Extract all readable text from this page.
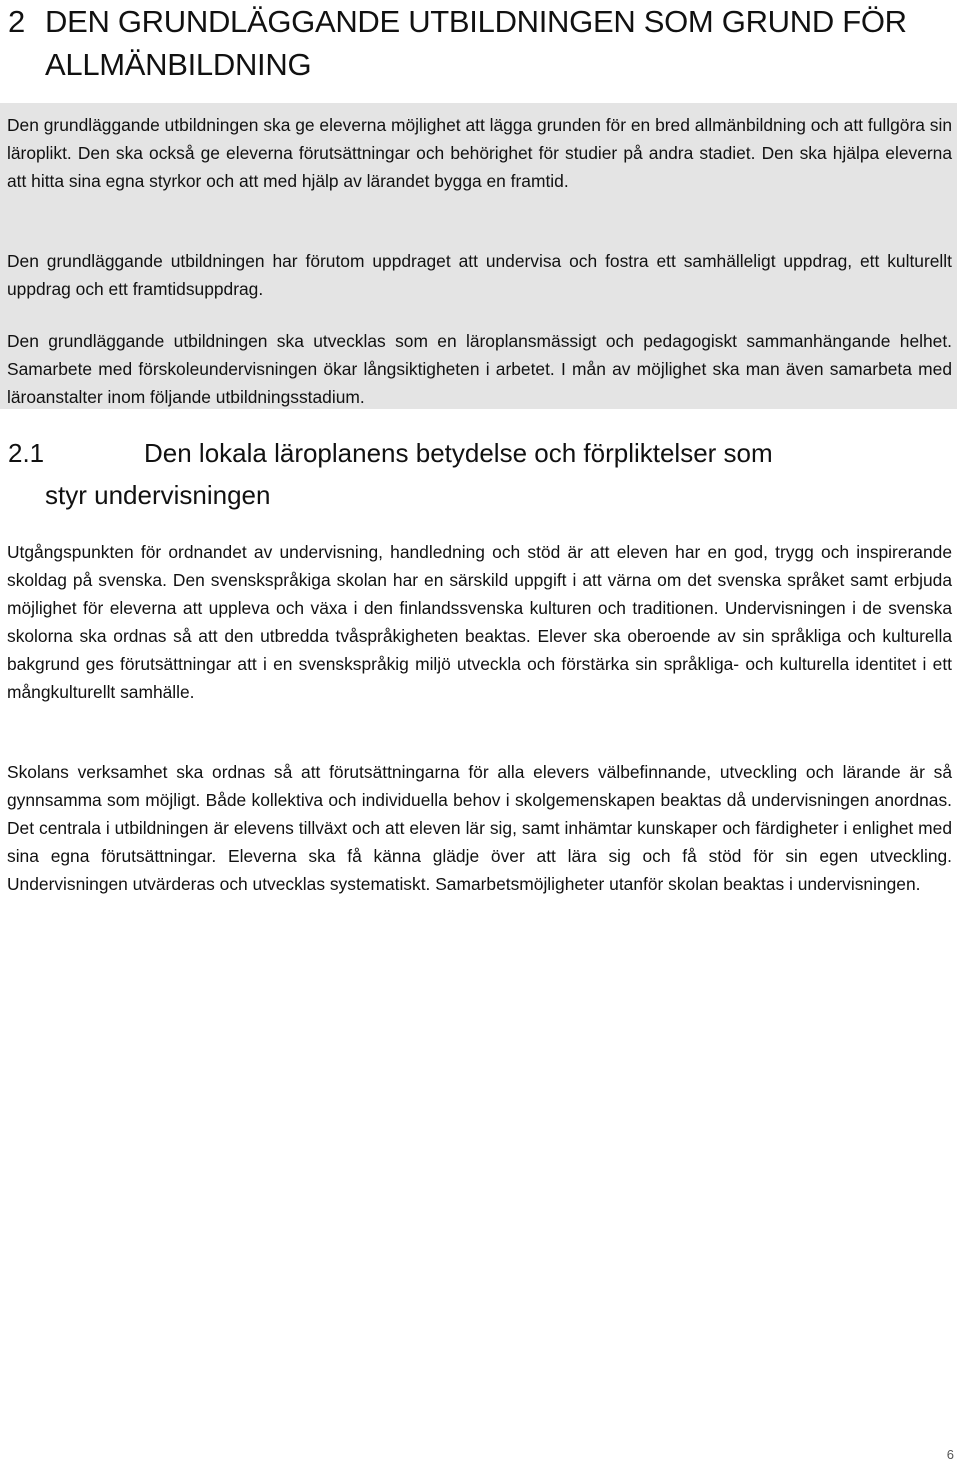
2 DEN GRUNDLÄGGANDE UTBILDNINGEN SOM GRUND FÖR
ALLMÄNBILDNING

Den grundläggande utbildningen ska ge eleverna möjlighet att lägga grunden för en bred allmänbildning och att fullgöra sin läroplikt. Den ska också ge eleverna förutsättningar och behörighet för studier på andra stadiet. Den ska hjälpa eleverna att hitta sina egna styrkor och att med hjälp av lärandet bygga en framtid.

Den grundläggande utbildningen har förutom uppdraget att undervisa och fostra ett samhälleligt uppdrag, ett kulturellt uppdrag och ett framtidsuppdrag.

Den grundläggande utbildningen ska utvecklas som en läroplansmässigt och pedagogiskt sammanhängande helhet. Samarbete med förskoleundervisningen ökar långsiktigheten i arbetet. I mån av möjlighet ska man även samarbeta med läroanstalter inom följande utbildningsstadium.

2.1	Den lokala läroplanens betydelse och förpliktelser som
styr undervisningen

Utgångspunkten för ordnandet av undervisning, handledning och stöd är att eleven har en god, trygg och inspirerande skoldag på svenska. Den svenskspråkiga skolan har en särskild uppgift i att värna om det svenska språket samt erbjuda möjlighet för eleverna att uppleva och växa i den finlandssvenska kulturen och traditionen. Undervisningen i de svenska skolorna ska ordnas så att den utbredda tvåspråkigheten beaktas. Elever ska oberoende av sin språkliga och kulturella bakgrund ges förutsättningar att i en svenskspråkig miljö utveckla och förstärka sin språkliga- och kulturella identitet i ett mångkulturellt samhälle.

Skolans verksamhet ska ordnas så att förutsättningarna för alla elevers välbefinnande, utveckling och lärande är så gynnsamma som möjligt. Både kollektiva och individuella behov i skolgemenskapen beaktas då undervisningen anordnas. Det centrala i utbildningen är elevens tillväxt och att eleven lär sig, samt inhämtar kunskaper och färdigheter i enlighet med sina egna förutsättningar. Eleverna ska få känna glädje över att lära sig och få stöd för sin egen utveckling. Undervisningen utvärderas och utvecklas systematiskt. Samarbetsmöjligheter utanför skolan beaktas i undervisningen.

6
